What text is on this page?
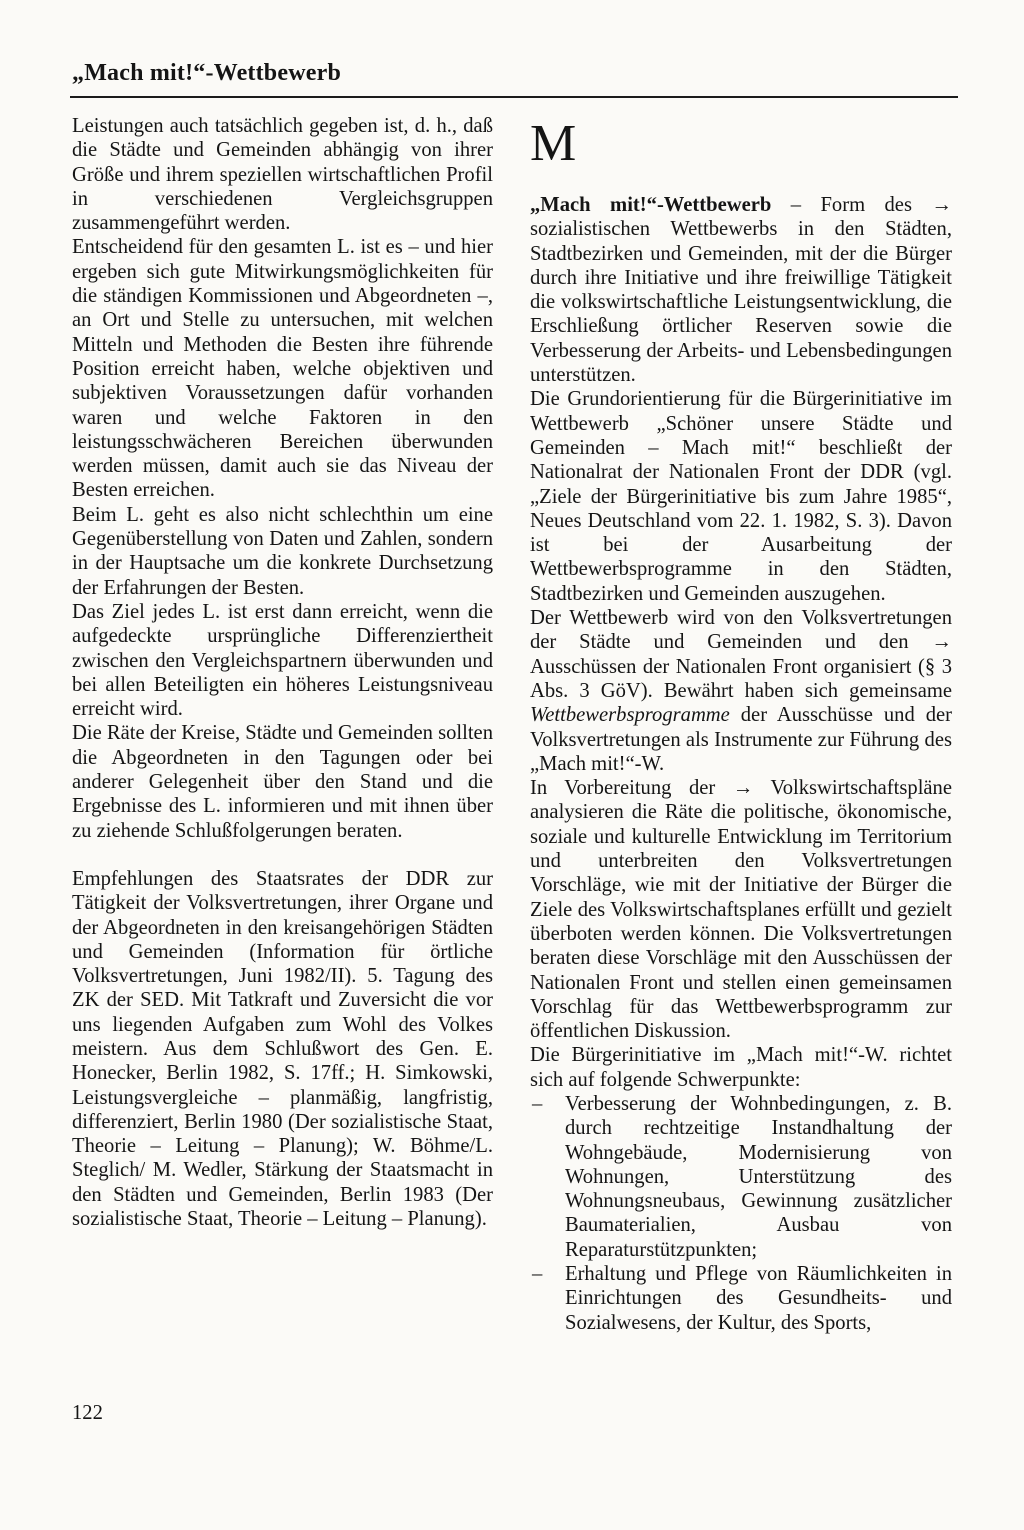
„Mach mit!“-Wettbewerb

Leistungen auch tatsächlich gegeben ist, d. h., daß die Städte und Gemeinden abhängig von ihrer Größe und ihrem speziellen wirtschaftlichen Profil in verschiedenen Vergleichsgruppen zusammengeführt werden.

Entscheidend für den gesamten L. ist es – und hier ergeben sich gute Mitwirkungsmöglichkeiten für die ständigen Kommissionen und Abgeordneten –, an Ort und Stelle zu untersuchen, mit welchen Mitteln und Methoden die Besten ihre führende Position erreicht haben, welche objektiven und subjektiven Voraussetzungen dafür vorhanden waren und welche Faktoren in den leistungsschwächeren Bereichen überwunden werden müssen, damit auch sie das Niveau der Besten erreichen.

Beim L. geht es also nicht schlechthin um eine Gegenüberstellung von Daten und Zahlen, sondern in der Hauptsache um die konkrete Durchsetzung der Erfahrungen der Besten.

Das Ziel jedes L. ist erst dann erreicht, wenn die aufgedeckte ursprüngliche Differenziertheit zwischen den Vergleichspartnern überwunden und bei allen Beteiligten ein höheres Leistungsniveau erreicht wird.

Die Räte der Kreise, Städte und Gemeinden sollten die Abgeordneten in den Tagungen oder bei anderer Gelegenheit über den Stand und die Ergebnisse des L. informieren und mit ihnen über zu ziehende Schlußfolgerungen beraten.

Empfehlungen des Staatsrates der DDR zur Tätigkeit der Volksvertretungen, ihrer Organe und der Abgeordneten in den kreisangehörigen Städten und Gemeinden (Information für örtliche Volksvertretungen, Juni 1982/II). 5. Tagung des ZK der SED. Mit Tatkraft und Zuversicht die vor uns liegenden Aufgaben zum Wohl des Volkes meistern. Aus dem Schlußwort des Gen. E. Honecker, Berlin 1982, S. 17ff.; H. Simkowski, Leistungsvergleiche – planmäßig, langfristig, differenziert, Berlin 1980 (Der sozialistische Staat, Theorie – Leitung – Planung); W. Böhme/L. Steglich/ M. Wedler, Stärkung der Staatsmacht in den Städten und Gemeinden, Berlin 1983 (Der sozialistische Staat, Theorie – Leitung – Planung).

M

„Mach mit!“-Wettbewerb – Form des → sozialistischen Wettbewerbs in den Städten, Stadtbezirken und Gemeinden, mit der die Bürger durch ihre Initiative und ihre freiwillige Tätigkeit die volkswirtschaftliche Leistungsentwicklung, die Erschließung örtlicher Reserven sowie die Verbesserung der Arbeits- und Lebensbedingungen unterstützen.

Die Grundorientierung für die Bürgerinitiative im Wettbewerb „Schöner unsere Städte und Gemeinden – Mach mit!“ beschließt der Nationalrat der Nationalen Front der DDR (vgl. „Ziele der Bürgerinitiative bis zum Jahre 1985“, Neues Deutschland vom 22. 1. 1982, S. 3). Davon ist bei der Ausarbeitung der Wettbewerbsprogramme in den Städten, Stadtbezirken und Gemeinden auszugehen.

Der Wettbewerb wird von den Volksvertretungen der Städte und Gemeinden und den → Ausschüssen der Nationalen Front organisiert (§ 3 Abs. 3 GöV). Bewährt haben sich gemeinsame Wettbewerbsprogramme der Ausschüsse und der Volksvertretungen als Instrumente zur Führung des „Mach mit!“-W.

In Vorbereitung der → Volkswirtschaftspläne analysieren die Räte die politische, ökonomische, soziale und kulturelle Entwicklung im Territorium und unterbreiten den Volksvertretungen Vorschläge, wie mit der Initiative der Bürger die Ziele des Volkswirtschaftsplanes erfüllt und gezielt überboten werden können. Die Volksvertretungen beraten diese Vorschläge mit den Ausschüssen der Nationalen Front und stellen einen gemeinsamen Vorschlag für das Wettbewerbsprogramm zur öffentlichen Diskussion.

Die Bürgerinitiative im „Mach mit!“-W. richtet sich auf folgende Schwerpunkte:

– Verbesserung der Wohnbedingungen, z. B. durch rechtzeitige Instandhaltung der Wohngebäude, Modernisierung von Wohnungen, Unterstützung des Wohnungsneubaus, Gewinnung zusätzlicher Baumaterialien, Ausbau von Reparaturstützpunkten;
– Erhaltung und Pflege von Räumlichkeiten in Einrichtungen des Gesundheits- und Sozialwesens, der Kultur, des Sports,
122
